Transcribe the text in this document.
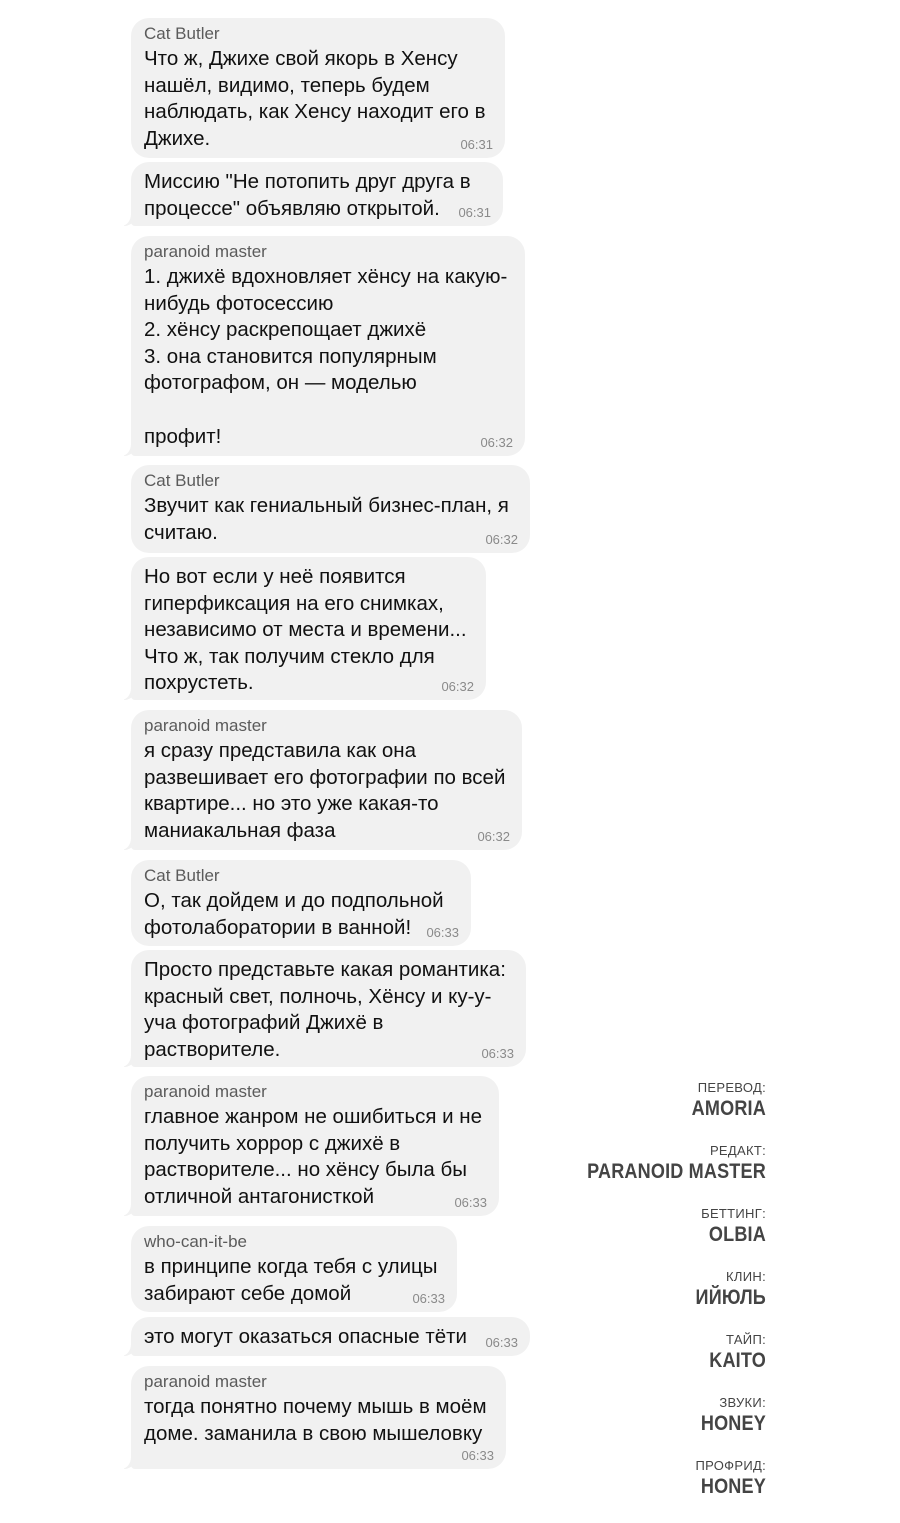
Cat Butler
Что ж, Джихе свой якорь в Хенсу
нашёл, видимо, теперь будем
наблюдать, как Хенсу находит его в
Джихе.	06:31
Миссию "Не потопить друг друга в
процессе" объявляю открытой.	06:31
paranoid master
1. джихё вдохновляет хёнсу на какую-
нибудь фотосессию
2. хёнсу раскрепощает джихё
3. она становится популярным
фотографом, он — моделью

профит!	06:32
Cat Butler
Звучит как гениальный бизнес-план, я
считаю.	06:32
Но вот если у неё появится
гиперфиксация на его снимках,
независимо от места и времени...
Что ж, так получим стекло для
похрустеть.	06:32
paranoid master
я сразу представила как она
развешивает его фотографии по всей
квартире... но это уже какая-то
маниакальная фаза	06:32
Cat Butler
О, так дойдем и до подпольной
фотолаборатории в ванной!	06:33
Просто представьте какая романтика:
красный свет, полночь, Хёнсу и ку-у-
уча фотографий Джихё в
растворителе.	06:33
paranoid master
главное жанром не ошибиться и не
получить хоррор с джихё в
растворителе... но хёнсу была бы
отличной антагонисткой	06:33
who-can-it-be
в принципе когда тебя с улицы
забирают себе домой	06:33
это могут оказаться опасные тёти	06:33
paranoid master
тогда понятно почему мышь в моём
доме. заманила в свою мышеловку
06:33
ПЕРЕВОД:
AMORIA
РЕДАКТ:
PARANOID MASTER
БЕТТИНГ:
OLBIA
КЛИН:
ИЙЮЛЬ
ТАЙП:
KAITO
ЗВУКИ:
HONEY
ПРОФРИД:
HONEY
